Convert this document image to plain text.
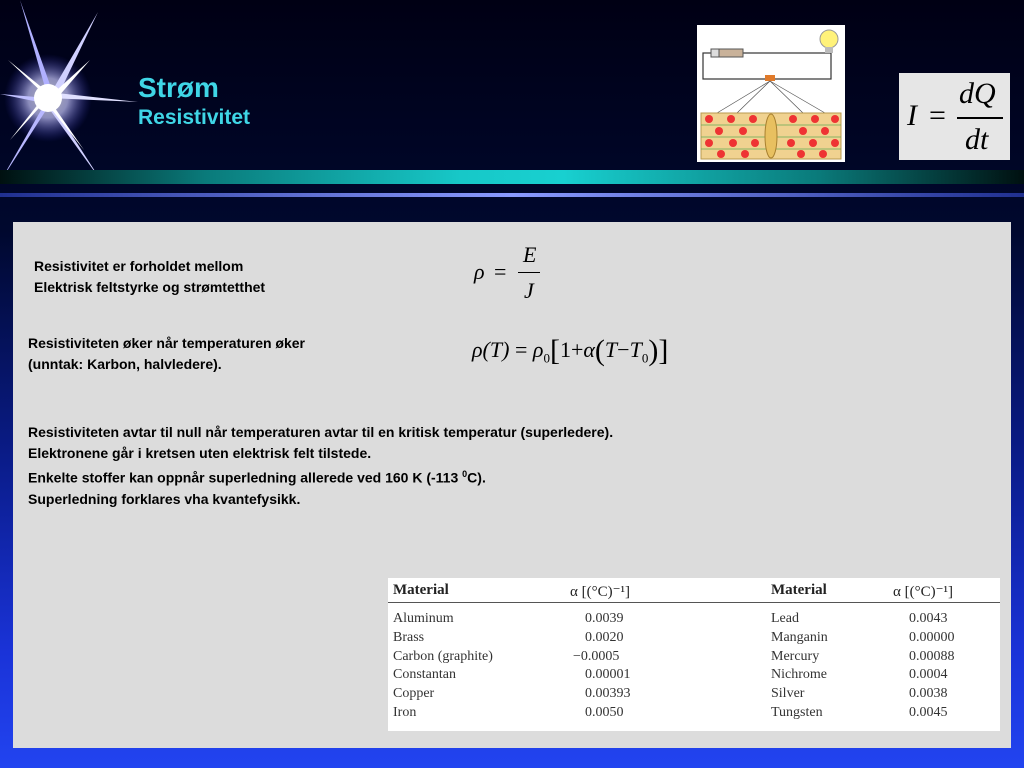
Strøm
Resistivitet	I =
dQ
dt

Resistivitet er forholdet mellom
Elektrisk feltstyrke og strømtetthet

ρ =
E
J

Resistiviteten øker når temperaturen øker
(unntak: Karbon, halvledere).

$\rho(T) = \rho_0[1+\alpha(T-T_0)]$

Resistiviteten avtar til null når temperaturen avtar til en kritisk temperatur (superledere).
Elektronene går i kretsen uten elektrisk felt tilstede.
Enkelte stoffer kan oppnår superledning allerede ved 160 K (-113 $^0$C).
Superledning forklares vha kvantefysikk.

Material	α [(°C)⁻¹]	Material	α [(°C)⁻¹]
Aluminum	0.0039	Lead	0.0043
Brass	0.0020	Manganin	0.00000
Carbon (graphite)	−0.0005	Mercury	0.00088
Constantan	0.00001	Nichrome	0.0004
Copper	0.00393	Silver	0.0038
Iron	0.0050	Tungsten	0.0045
